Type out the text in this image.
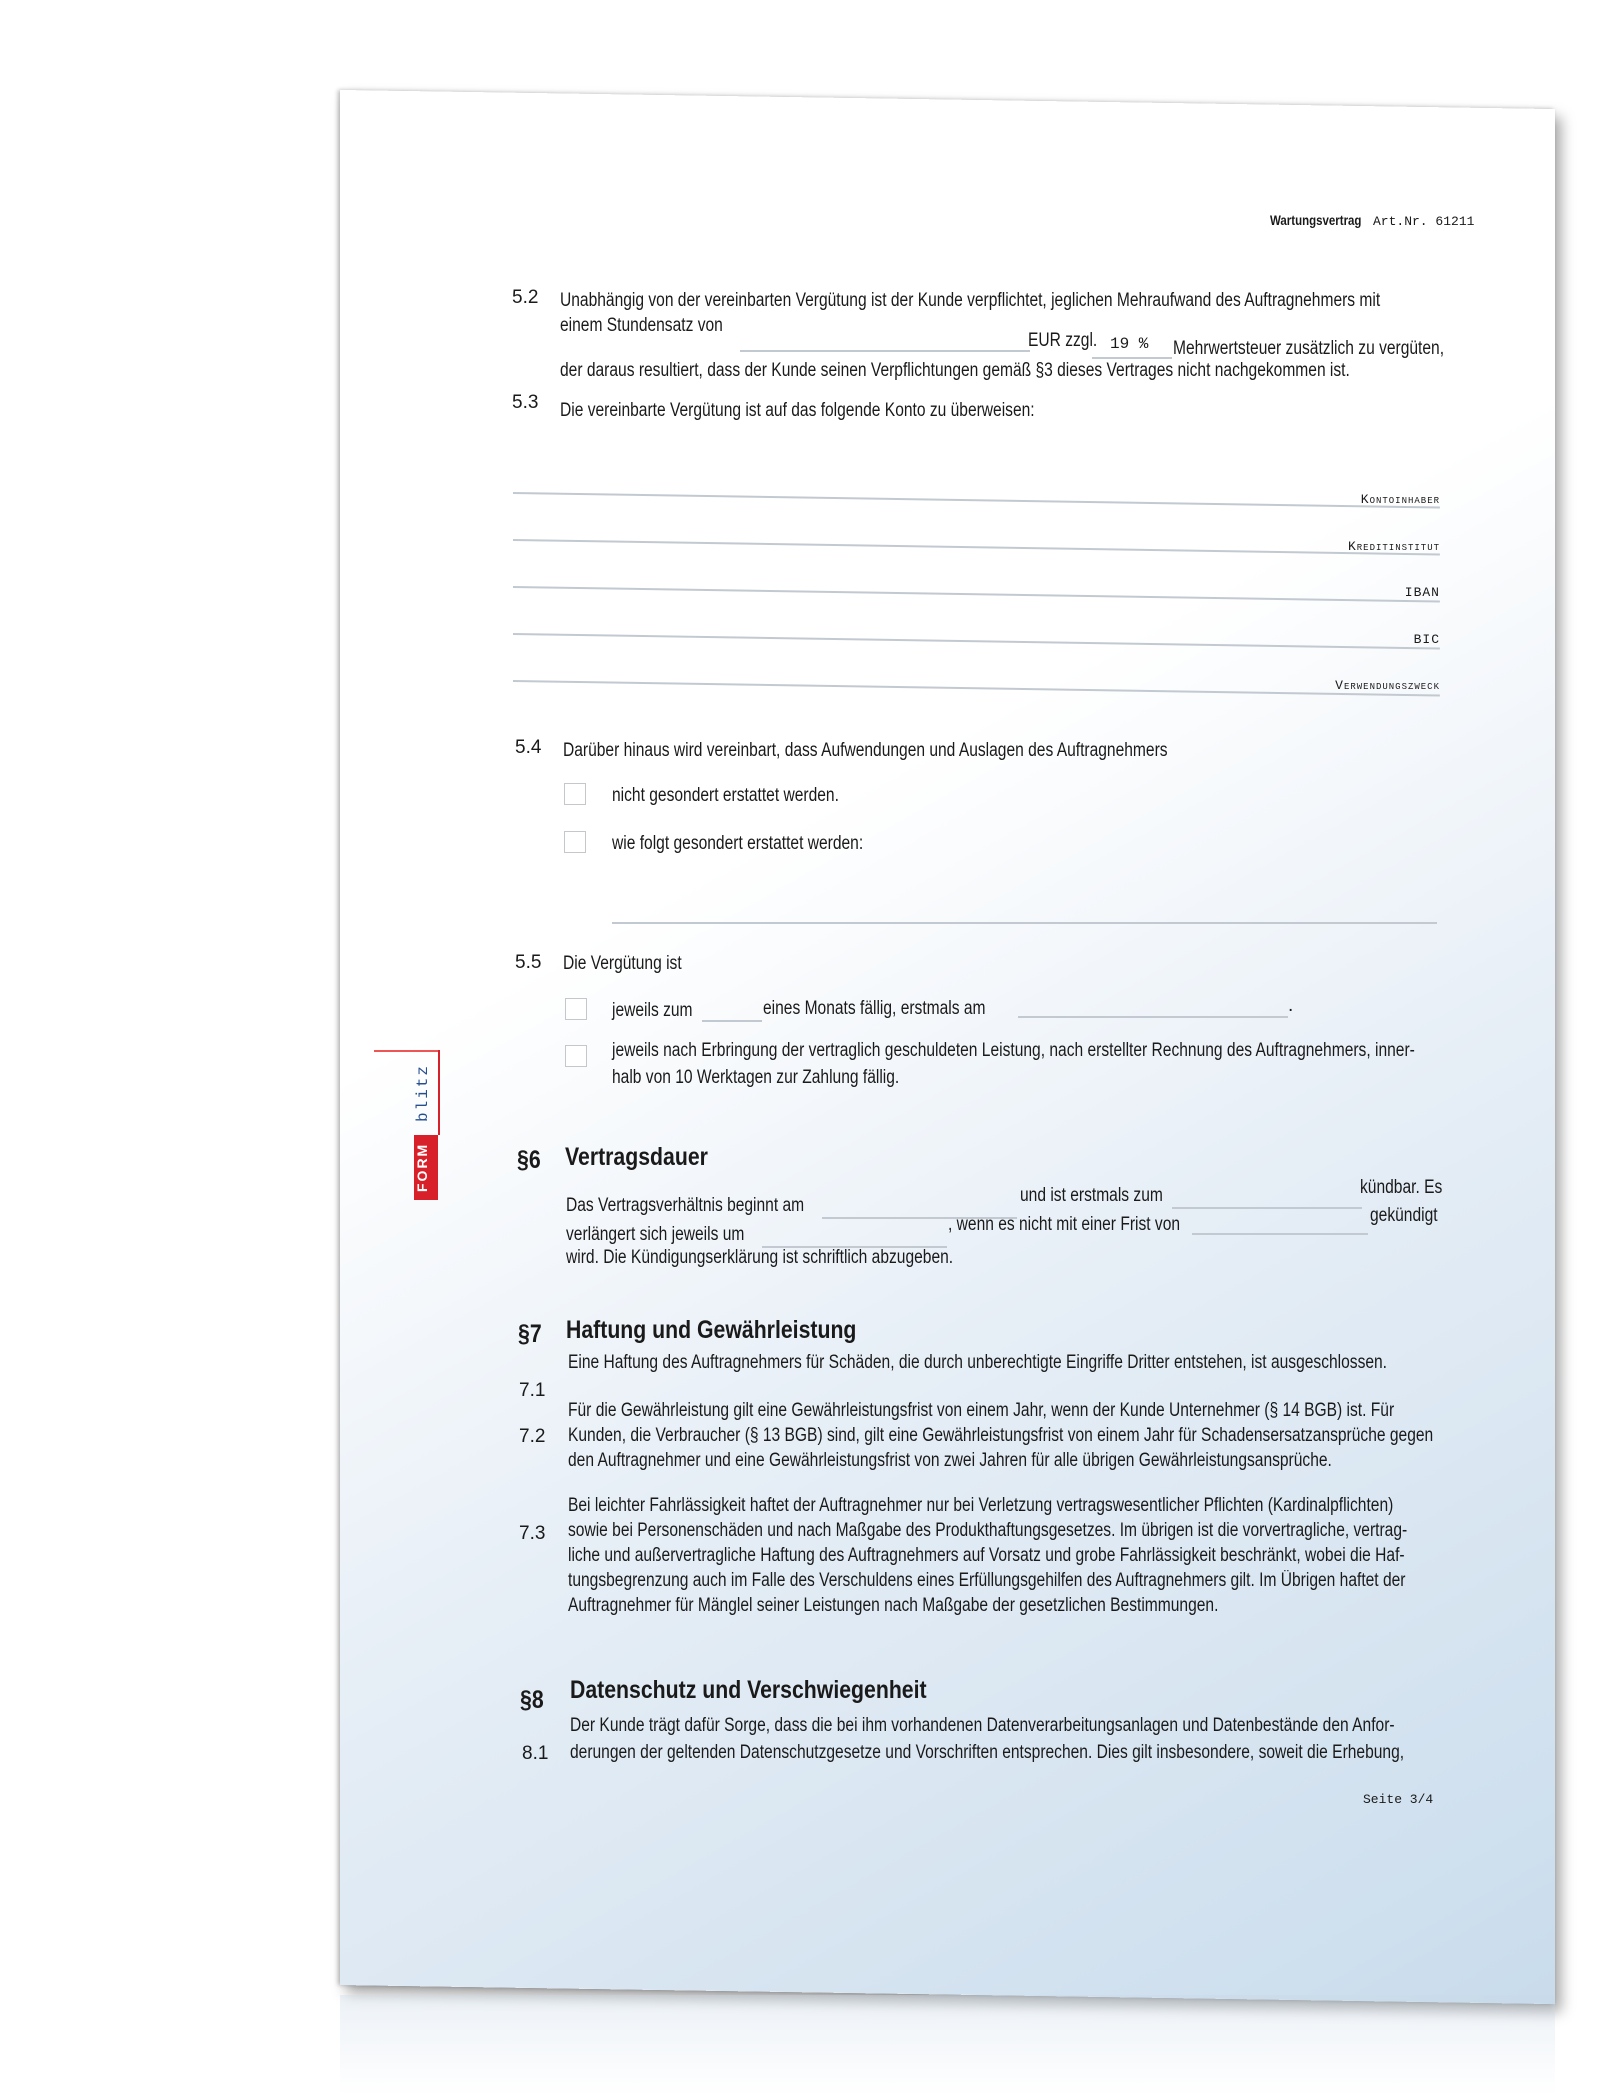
Wartungsvertrag Art.Nr. 61211
blitz
FORM
5.2 Unabhängig von der vereinbarten Vergütung ist der Kunde verpflichtet, jeglichen Mehraufwand des Auftragnehmers mit
einem Stundensatz von
EUR zzgl. 19 % Mehrwertsteuer zusätzlich zu vergüten,
der daraus resultiert, dass der Kunde seinen Verpflichtungen gemäß §3 dieses Vertrages nicht nachgekommen ist.
5.3 Die vereinbarte Vergütung ist auf das folgende Konto zu überweisen:
Kontoinhaber
Kreditinstitut
IBAN
BIC
Verwendungszweck
5.4 Darüber hinaus wird vereinbart, dass Aufwendungen und Auslagen des Auftragnehmers
nicht gesondert erstattet werden.
wie folgt gesondert erstattet werden:
5.5 Die Vergütung ist
jeweils zum	eines Monats fällig, erstmals am	.
jeweils nach Erbringung der vertraglich geschuldeten Leistung, nach erstellter Rechnung des Auftragnehmers, inner-
halb von 10 Werktagen zur Zahlung fällig.
§6 Vertragsdauer
Das Vertragsverhältnis beginnt am	und ist erstmals zum	kündbar. Es
verlängert sich jeweils um	, wenn es nicht mit einer Frist von	gekündigt
wird. Die Kündigungserklärung ist schriftlich abzugeben.
§7 Haftung und Gewährleistung
7.1
Eine Haftung des Auftragnehmers für Schäden, die durch unberechtigte Eingriffe Dritter entstehen, ist ausgeschlossen.
7.2
Für die Gewährleistung gilt eine Gewährleistungsfrist von einem Jahr, wenn der Kunde Unternehmer (§ 14 BGB) ist. Für
Kunden, die Verbraucher (§ 13 BGB) sind, gilt eine Gewährleistungsfrist von einem Jahr für Schadensersatzansprüche gegen
den Auftragnehmer und eine Gewährleistungsfrist von zwei Jahren für alle übrigen Gewährleistungsansprüche.
7.3
Bei leichter Fahrlässigkeit haftet der Auftragnehmer nur bei Verletzung vertragswesentlicher Pflichten (Kardinalpflichten)
sowie bei Personenschäden und nach Maßgabe des Produkthaftungsgesetzes. Im übrigen ist die vorvertragliche, vertrag-
liche und außervertragliche Haftung des Auftragnehmers auf Vorsatz und grobe Fahrlässigkeit beschränkt, wobei die Haf-
tungsbegrenzung auch im Falle des Verschuldens eines Erfüllungsgehilfen des Auftragnehmers gilt. Im Übrigen haftet der
Auftragnehmer für Mänglel seiner Leistungen nach Maßgabe der gesetzlichen Bestimmungen.
§8 Datenschutz und Verschwiegenheit
8.1
Der Kunde trägt dafür Sorge, dass die bei ihm vorhandenen Datenverarbeitungsanlagen und Datenbestände den Anfor-
derungen der geltenden Datenschutzgesetze und Vorschriften entsprechen. Dies gilt insbesondere, soweit die Erhebung,
Seite 3/4
